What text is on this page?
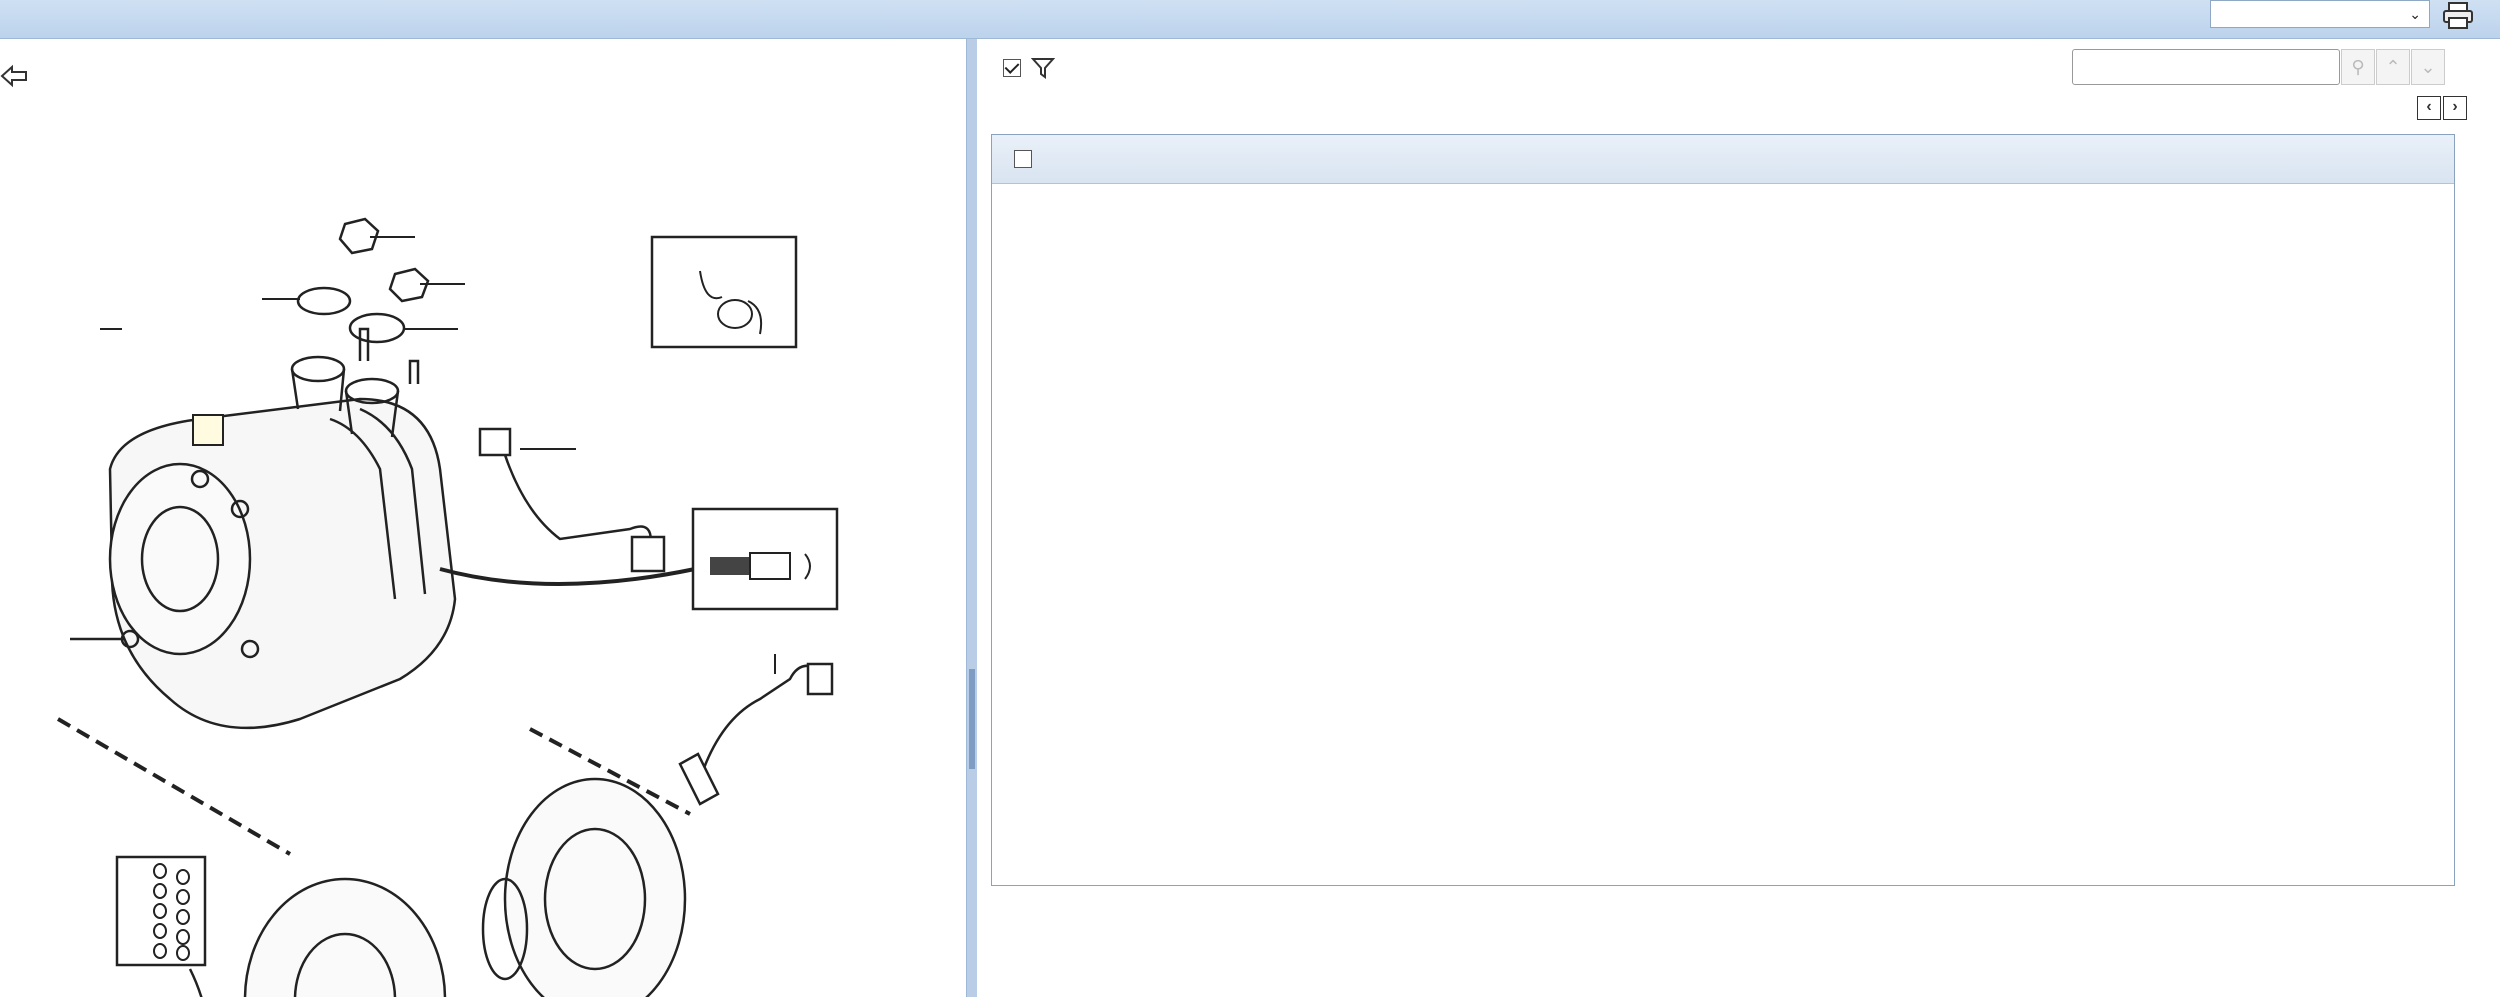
⌄
⚲	⌃	⌄
‹	›
